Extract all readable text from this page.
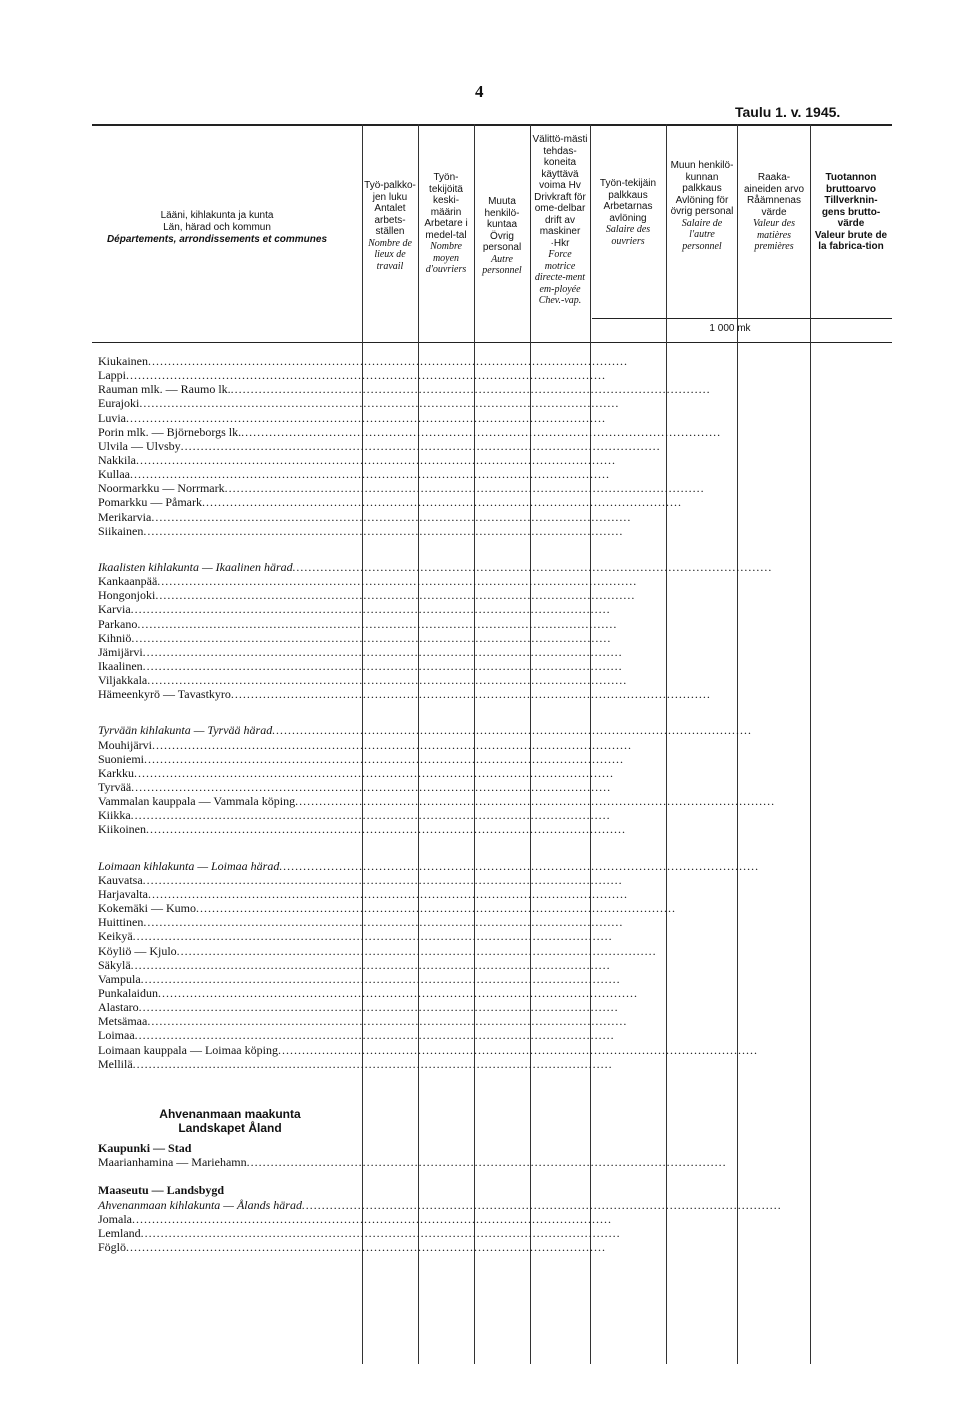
4
Taulu 1. v. 1945.
Lääni, kihlakunta ja kunta
Län, härad och kommun
Départements, arrondissements et communes
Työ-palkko-jen luku
Antalet arbets-ställen
Nombre de lieux de travail
Työn-tekijöitä keski-määrin
Arbetare i medel-tal
Nombre moyen d'ouvriers
Muuta henkilö-kuntaa
Övrig personal
Autre personnel
Välittö-mästi tehdas-koneita käyttävä voima Hv
Drivkraft för ome-delbar drift av maskiner ·Hkr
Force motrice directe-ment em-ployée Chev.-vap.
Työn-tekijäin palkkaus
Arbetarnas avlöning
Salaire des ouvriers
Muun henkilö-kunnan palkkaus
Avlöning för övrig personal
Salaire de l'autre personnel
Raaka-aineiden arvo
Råämnenas värde
Valeur des matières premières
Tuotannon bruttoarvo
Tillverknin-gens brutto-värde
Valeur brute de la fabrica-tion
1 000 mk
Kiukainen........................................................................................................................
Lappi........................................................................................................................
Rauman mlk. — Raumo lk.........................................................................................................................
Eurajoki........................................................................................................................
Luvia........................................................................................................................
Porin mlk. — Björneborgs lk.........................................................................................................................
Ulvila — Ulvsby........................................................................................................................
Nakkila........................................................................................................................
Kullaa........................................................................................................................
Noormarkku — Norrmark........................................................................................................................
Pomarkku — Påmark........................................................................................................................
Merikarvia........................................................................................................................
Siikainen........................................................................................................................
Ikaalisten kihlakunta — Ikaalinen härad........................................................................................................................
Kankaanpää........................................................................................................................
Hongonjoki........................................................................................................................
Karvia........................................................................................................................
Parkano........................................................................................................................
Kihniö........................................................................................................................
Jämijärvi........................................................................................................................
Ikaalinen........................................................................................................................
Viljakkala........................................................................................................................
Hämeenkyrö — Tavastkyro........................................................................................................................
Tyrvään kihlakunta — Tyrvää härad........................................................................................................................
Mouhijärvi........................................................................................................................
Suoniemi........................................................................................................................
Karkku........................................................................................................................
Tyrvää........................................................................................................................
Vammalan kauppala — Vammala köping........................................................................................................................
Kiikka........................................................................................................................
Kiikoinen........................................................................................................................
Loimaan kihlakunta — Loimaa härad........................................................................................................................
Kauvatsa........................................................................................................................
Harjavalta........................................................................................................................
Kokemäki — Kumo........................................................................................................................
Huittinen........................................................................................................................
Keikyä........................................................................................................................
Köyliö — Kjulo........................................................................................................................
Säkylä........................................................................................................................
Vampula........................................................................................................................
Punkalaidun........................................................................................................................
Alastaro........................................................................................................................
Metsämaa........................................................................................................................
Loimaa........................................................................................................................
Loimaan kauppala — Loimaa köping........................................................................................................................
Mellilä........................................................................................................................
Kaupunki — Stad
Maarianhamina — Mariehamn........................................................................................................................
Maaseutu — Landsbygd
Ahvenanmaan kihlakunta — Ålands härad........................................................................................................................
Jomala........................................................................................................................
Lemland........................................................................................................................
Föglö........................................................................................................................
Ahvenanmaan maakunta
Landskapet Åland
